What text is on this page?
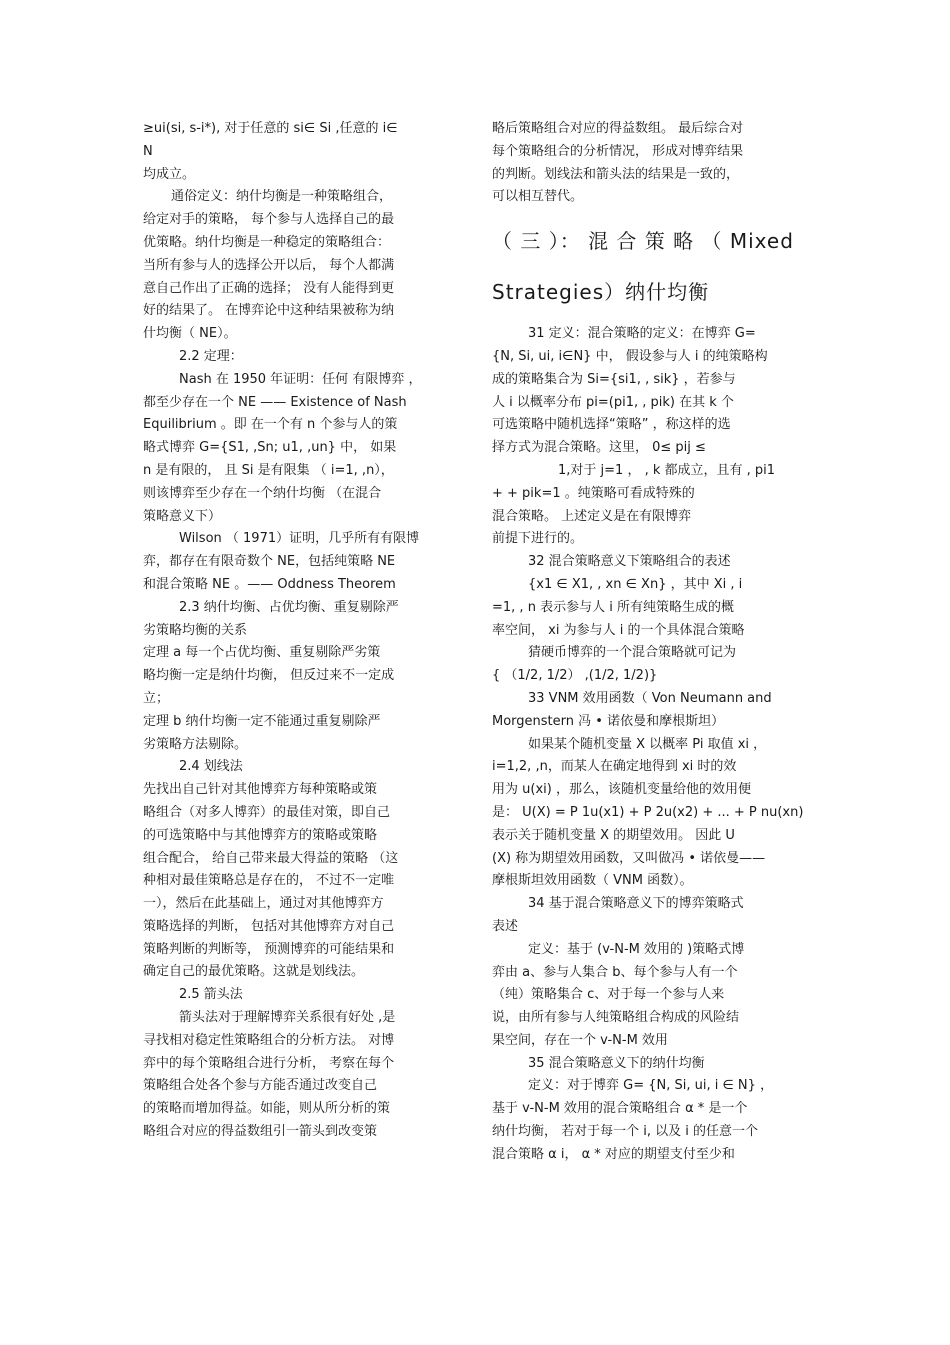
≥ui(si, s-i*), 对于任意的 si∈ Si ,任意的 i∈
N
均成立。
通俗定义：纳什均衡是一种策略组合，
给定对手的策略， 每个参与人选择自己的最
优策略。纳什均衡是一种稳定的策略组合：
当所有参与人的选择公开以后， 每个人都满
意自己作出了正确的选择； 没有人能得到更
好的结果了。 在博弈论中这种结果被称为纳
什均衡（ NE）。
2.2 定理：
Nash 在 1950 年证明：任何 有限博弈 ，
都至少存在一个 NE —— Existence of Nash
Equilibrium 。即 在一个有 n 个参与人的策
略式博弈 G={S1, ,Sn; u1, ,un} 中， 如果
n 是有限的， 且 Si 是有限集 （ i=1, ,n），
则该博弈至少存在一个纳什均衡 （在混合
策略意义下）
Wilson （ 1971）证明，几乎所有有限博
弈，都存在有限奇数个 NE，包括纯策略 NE
和混合策略 NE 。—— Oddness Theorem
2.3 纳什均衡、占优均衡、重复剔除严
劣策略均衡的关系
定理 a 每一个占优均衡、重复剔除严劣策
略均衡一定是纳什均衡， 但反过来不一定成
立；
定理 b 纳什均衡一定不能通过重复剔除严
劣策略方法剔除。
2.4 划线法
先找出自己针对其他博弈方每种策略或策
略组合（对多人博弈）的最佳对策，即自己
的可选策略中与其他博弈方的策略或策略
组合配合， 给自己带来最大得益的策略 （这
种相对最佳策略总是存在的， 不过不一定唯
一），然后在此基础上，通过对其他博弈方
策略选择的判断， 包括对其他博弈方对自己
策略判断的判断等， 预测博弈的可能结果和
确定自己的最优策略。这就是划线法。
2.5 箭头法
箭头法对于理解博弈关系很有好处 ,是
寻找相对稳定性策略组合的分析方法。 对博
弈中的每个策略组合进行分析， 考察在每个
策略组合处各个参与方能否通过改变自己
的策略而增加得益。如能，则从所分析的策
略组合对应的得益数组引一箭头到改变策
略后策略组合对应的得益数组。 最后综合对
每个策略组合的分析情况， 形成对博弈结果
的判断。划线法和箭头法的结果是一致的，
可以相互替代。
（ 三 ）： 混 合 策 略 （ Mixed
Strategies）纳什均衡
31 定义：混合策略的定义：在博弈 G=
{N, Si, ui, i∈N} 中， 假设参与人 i 的纯策略构
成的策略集合为 Si={si1, , sik} ，若参与
人 i 以概率分布 pi=(pi1, , pik) 在其 k 个
可选策略中随机选择“策略” ，称这样的选
择方式为混合策略。这里， 0≤ pij ≤
1,对于 j=1 ， , k 都成立，且有 , pi1
+ + pik=1 。纯策略可看成特殊的
混合策略。 上述定义是在有限博弈
前提下进行的。
32 混合策略意义下策略组合的表述
{x1 ∈ X1, , xn ∈ Xn} ，其中 Xi , i
=1, , n 表示参与人 i 所有纯策略生成的概
率空间， xi 为参与人 i 的一个具体混合策略
猜硬币博弈的一个混合策略就可记为
{ （1/2, 1/2） ,(1/2, 1/2)}
33 VNM 效用函数（ Von Neumann and
Morgenstern 冯 • 诺依曼和摩根斯坦）
如果某个随机变量 X 以概率 Pi 取值 xi ，
i=1,2, ,n，而某人在确定地得到 xi 时的效
用为 u(xi) ，那么，该随机变量给他的效用便
是： U(X) = P 1u(x1) + P 2u(x2) + ... + P nu(xn)
表示关于随机变量 X 的期望效用。 因此 U
(X) 称为期望效用函数，又叫做冯 • 诺依曼——
摩根斯坦效用函数（ VNM 函数）。
34 基于混合策略意义下的博弈策略式
表述
定义：基于 (v-N-M 效用的 )策略式博
弈由 a、参与人集合 b、每个参与人有一个
（纯）策略集合 c、对于每一个参与人来
说，由所有参与人纯策略组合构成的风险结
果空间，存在一个 v-N-M 效用
35 混合策略意义下的纳什均衡
定义：对于博弈 G= {N, Si, ui, i ∈ N} ，
基于 v-N-M 效用的混合策略组合 α * 是一个
纳什均衡， 若对于每一个 i, 以及 i 的任意一个
混合策略 α i， α * 对应的期望支付至少和
